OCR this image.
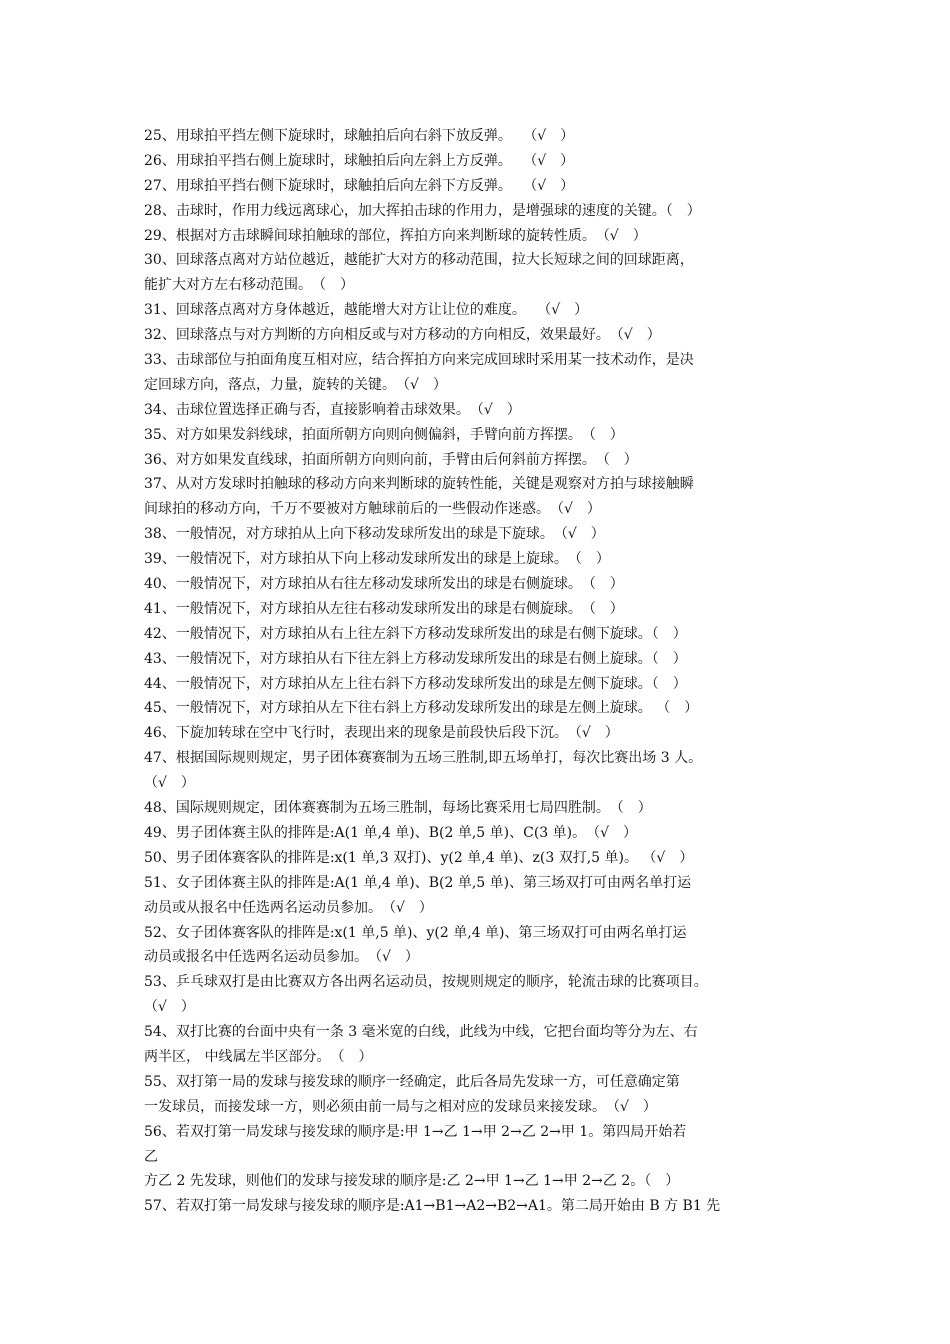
25、用球拍平挡左侧下旋球时，球触拍后向右斜下放反弹。　 （√　）
26、用球拍平挡右侧上旋球时，球触拍后向左斜上方反弹。　 （√　）
27、用球拍平挡右侧下旋球时，球触拍后向左斜下方反弹。　 （√　）
28、击球时，作用力线远离球心，加大挥拍击球的作用力，是增强球的速度的关键。（　）
29、根据对方击球瞬间球拍触球的部位，挥拍方向来判断球的旋转性质。　（√　）
30、回球落点离对方站位越近，越能扩大对方的移动范围，拉大长短球之间的回球距离，
能扩大对方左右移动范围。　（　）
31、回球落点离对方身体越近，越能增大对方让让位的难度。　 （√　）
32、回球落点与对方判断的方向相反或与对方移动的方向相反，效果最好。　（√　）
33、击球部位与拍面角度互相对应，结合挥拍方向来完成回球时采用某一技术动作，是决
定回球方向，落点，力量，旋转的关键。　（√　）
34、击球位置选择正确与否，直接影响着击球效果。　（√　）
35、对方如果发斜线球，拍面所朝方向则向侧偏斜，手臂向前方挥摆。　（　）
36、对方如果发直线球，拍面所朝方向则向前，手臂由后何斜前方挥摆。　（　）
37、从对方发球时拍触球的移动方向来判断球的旋转性能，关键是观察对方拍与球接触瞬
间球拍的移动方向，千万不要被对方触球前后的一些假动作迷惑。　（√　）
38、一般情况，对方球拍从上向下移动发球所发出的球是下旋球。　（√　）
39、一般情况下，对方球拍从下向上移动发球所发出的球是上旋球。　（　）
40、一般情况下，对方球拍从右往左移动发球所发出的球是右侧旋球。　（　）
41、一般情况下，对方球拍从左往右移动发球所发出的球是右侧旋球。　（　）
42、一般情况下，对方球拍从右上往左斜下方移动发球所发出的球是右侧下旋球。（　）
43、一般情况下，对方球拍从右下往左斜上方移动发球所发出的球是右侧上旋球。（　）
44、一般情况下，对方球拍从左上往右斜下方移动发球所发出的球是左侧下旋球。（　）
45、一般情况下，对方球拍从左下往右斜上方移动发球所发出的球是左侧上旋球。 （　）
46、下旋加转球在空中飞行时，表现出来的现象是前段快后段下沉。　（√　）
47、根据国际规则规定，男子团体赛赛制为五场三胜制,即五场单打，每次比赛出场 3 人。
（√　）
48、国际规则规定，团体赛赛制为五场三胜制，每场比赛采用七局四胜制。　（　）
49、男子团体赛主队的排阵是:A(1 单,4 单)、B(2 单,5 单)、C(3 单)。　（√　）
50、男子团体赛客队的排阵是:x(1 单,3 双打)、y(2 单,4 单)、z(3 双打,5 单)。 （√　）
51、女子团体赛主队的排阵是:A(1 单,4 单)、B(2 单,5 单)、第三场双打可由两名单打运
动员或从报名中任选两名运动员参加。　（√　）
52、女子团体赛客队的排阵是:x(1 单,5 单)、y(2 单,4 单)、第三场双打可由两名单打运
动员或报名中任选两名运动员参加。　（√　）
53、乒乓球双打是由比赛双方各出两名运动员，按规则规定的顺序，轮流击球的比赛项目。
（√　）
54、双打比赛的台面中央有一条 3 毫米宽的白线，此线为中线，它把台面均等分为左、右
两半区， 中线属左半区部分。　（　）
55、双打第一局的发球与接发球的顺序一经确定，此后各局先发球一方，可任意确定第
一发球员，而接发球一方，则必须由前一局与之相对应的发球员来接发球。　（√　）
56、若双打第一局发球与接发球的顺序是:甲 1→乙 1→甲 2→乙 2→甲 1。第四局开始若
乙
方乙 2 先发球，则他们的发球与接发球的顺序是:乙 2→甲 1→乙 1→甲 2→乙 2。（　）
57、若双打第一局发球与接发球的顺序是:A1→B1→A2→B2→A1。第二局开始由 B 方 B1 先
